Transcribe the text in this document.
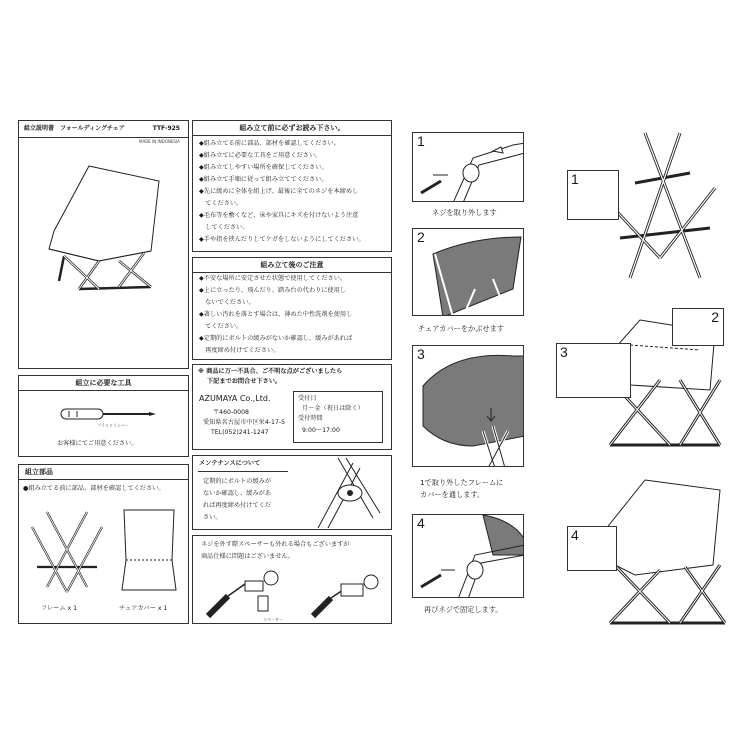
組立説明書　フォールディングチェア	TTF-925
MADE IN INDONESIA
組立に必要な工具
プラスドライバー
お客様にてご用意ください。
組立部品
●組み立てる前に部品、部材を確認してください。
フレーム x 1	チェアカバー x 1
組み立て前に必ずお読み下さい。
◆組み立てる前に部品、部材を確認してください。
◆組み立てに必要な工具をご用意ください。
◆組み立てしやすい場所を確保してください。
◆組み立て手順に従って組み立ててください。
◆先に緩めに全体を組上げ、最後に全てのネジを本締めし
　てください。
◆毛布等を敷くなど、床や家具にキズを付けないよう注意
　してください。
◆手や指を挟んだりしてケガをしないようにしてください。
組み立て後のご注意
◆不安な場所に安定させた状態で使用してください。
◆上に立ったり、飛んだり、踏み台の代わりに使用し
　ないでください。
◆著しい汚れを落とす場合は、薄めた中性洗剤を使用し
　てください。
◆定期的にボルトの緩みがないか確認し、緩みがあれば
　再度締め付けてください。
※ 商品に万一不具合、ご不明な点がございましたら
下記までお問合せ下さい。
AZUMAYA Co.,Ltd.
〒460-0008
愛知県名古屋市中区栄4-17-5
TEL(052)241-1247
受付日
月～金（祝日は除く）
受付時間
9:00～17:00
メンテナンスについて
定期的にボルトの緩みが
ないか確認し、緩みがあ
れば再度締め付けてくだ
さい。
ネジを外す際スペーサーも外れる場合もございますが
商品仕様に問題はございません。
スペーサー
1
ネジを取り外します
2
チェアカバーをかぶせます
3
1で取り外したフレームに
カバーを通します。
4
再びネジで固定します。
1
2
3
4
